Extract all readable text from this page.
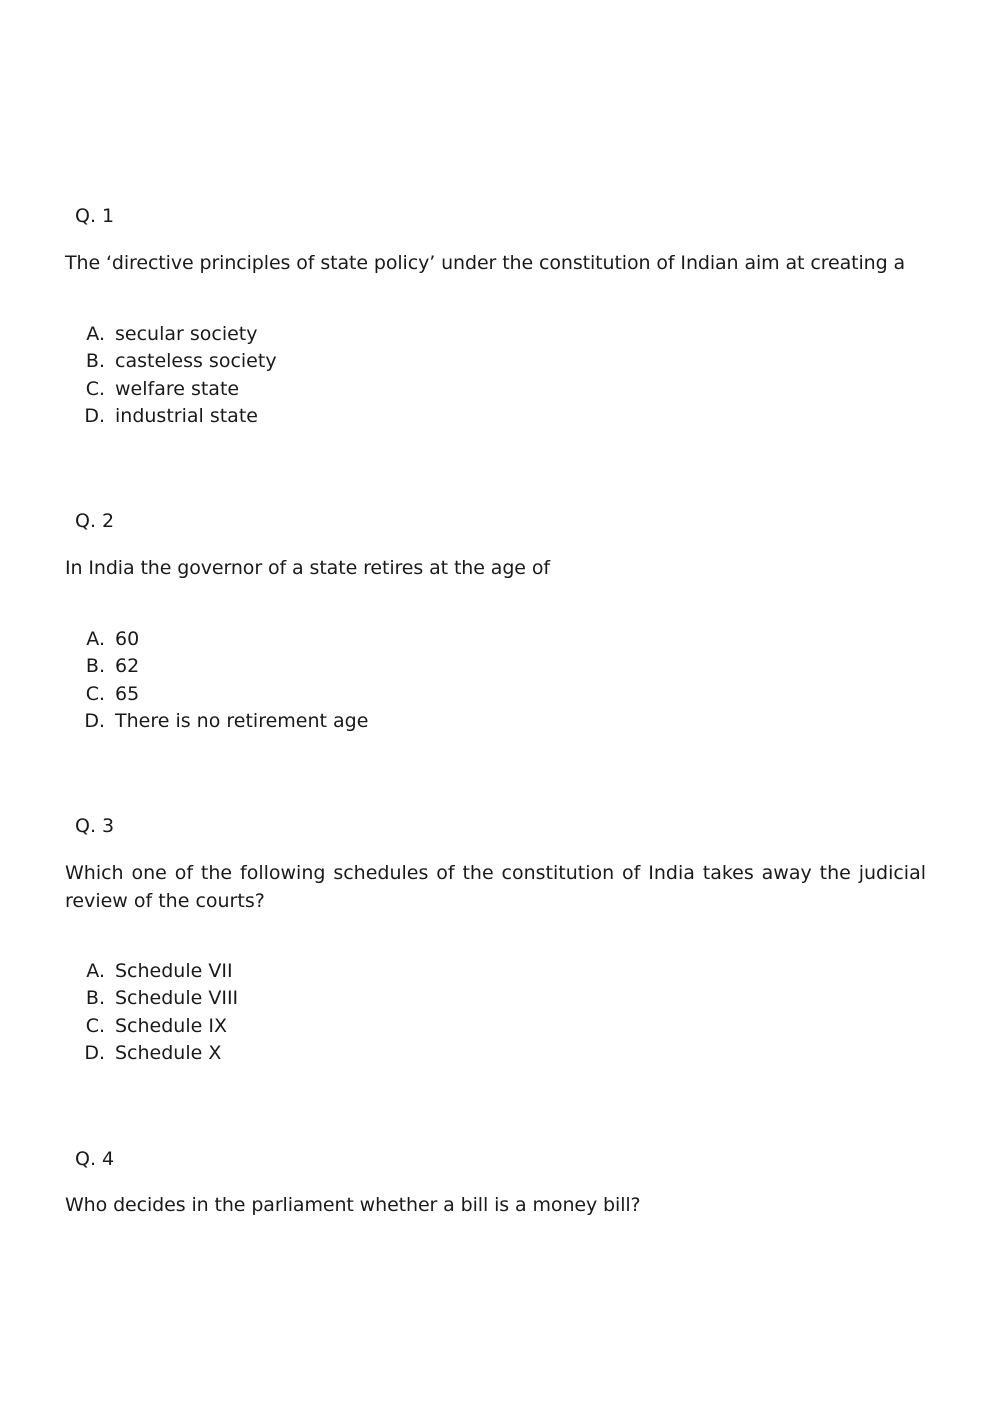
Q. 1

The ‘directive principles of state policy’ under the constitution of Indian aim at creating a

A. secular society
B. casteless society
C. welfare state
D. industrial state
Q. 2

In India the governor of a state retires at the age of

A. 60
B. 62
C. 65
D. There is no retirement age
Q. 3

Which one of the following schedules of the constitution of India takes away the judicial review of the courts?

A. Schedule VII
B. Schedule VIII
C. Schedule IX
D. Schedule X
Q. 4

Who decides in the parliament whether a bill is a money bill?
